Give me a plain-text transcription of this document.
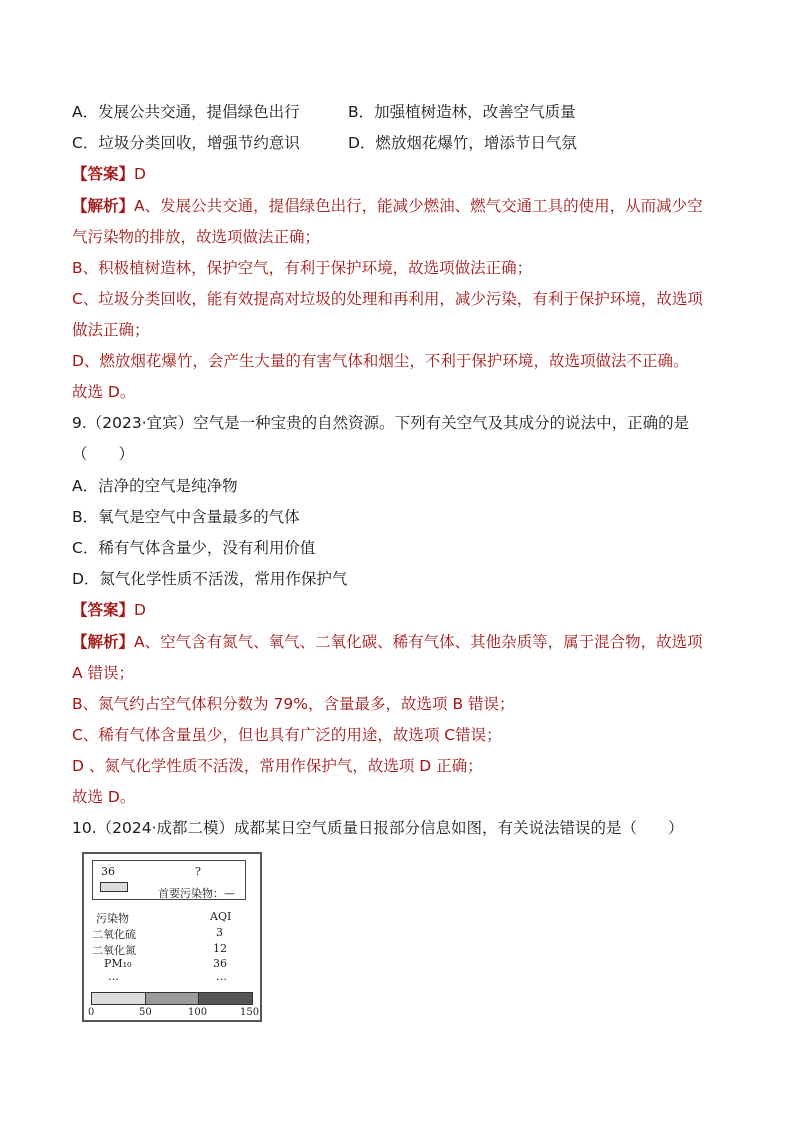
A．发展公共交通，提倡绿色出行	B．加强植树造林，改善空气质量
C．垃圾分类回收，增强节约意识	D．燃放烟花爆竹，增添节日气氛
【答案】D
【解析】A、发展公共交通，提倡绿色出行，能减少燃油、燃气交通工具的使用，从而减少空
气污染物的排放，故选项做法正确；
B、积极植树造林，保护空气，有利于保护环境，故选项做法正确；
C、垃圾分类回收，能有效提高对垃圾的处理和再利用，减少污染，有利于保护环境，故选项
做法正确；
D、燃放烟花爆竹，会产生大量的有害气体和烟尘，不利于保护环境，故选项做法不正确。
故选 D。
9.（2023·宜宾）空气是一种宝贵的自然资源。下列有关空气及其成分的说法中，正确的是
（　　）
A．洁净的空气是纯净物
B．氧气是空气中含量最多的气体
C．稀有气体含量少，没有利用价值
D．氮气化学性质不活泼，常用作保护气
【答案】D
【解析】A、空气含有氮气、氧气、二氧化碳、稀有气体、其他杂质等，属于混合物，故选项
A 错误；
B、氮气约占空气体积分数为 79%，含量最多，故选项 B 错误；
C、稀有气体含量虽少，但也具有广泛的用途，故选项 C错误；
D 、氮气化学性质不活泼，常用作保护气，故选项 D 正确；
故选 D。
10.（2024·成都二模）成都某日空气质量日报部分信息如图，有关说法错误的是（　　）
36	?
首要污染物：—
污染物	AQI
二氧化硫	3
二氧化氮	12
PM₁₀	36
…	…
0	50	100	150
